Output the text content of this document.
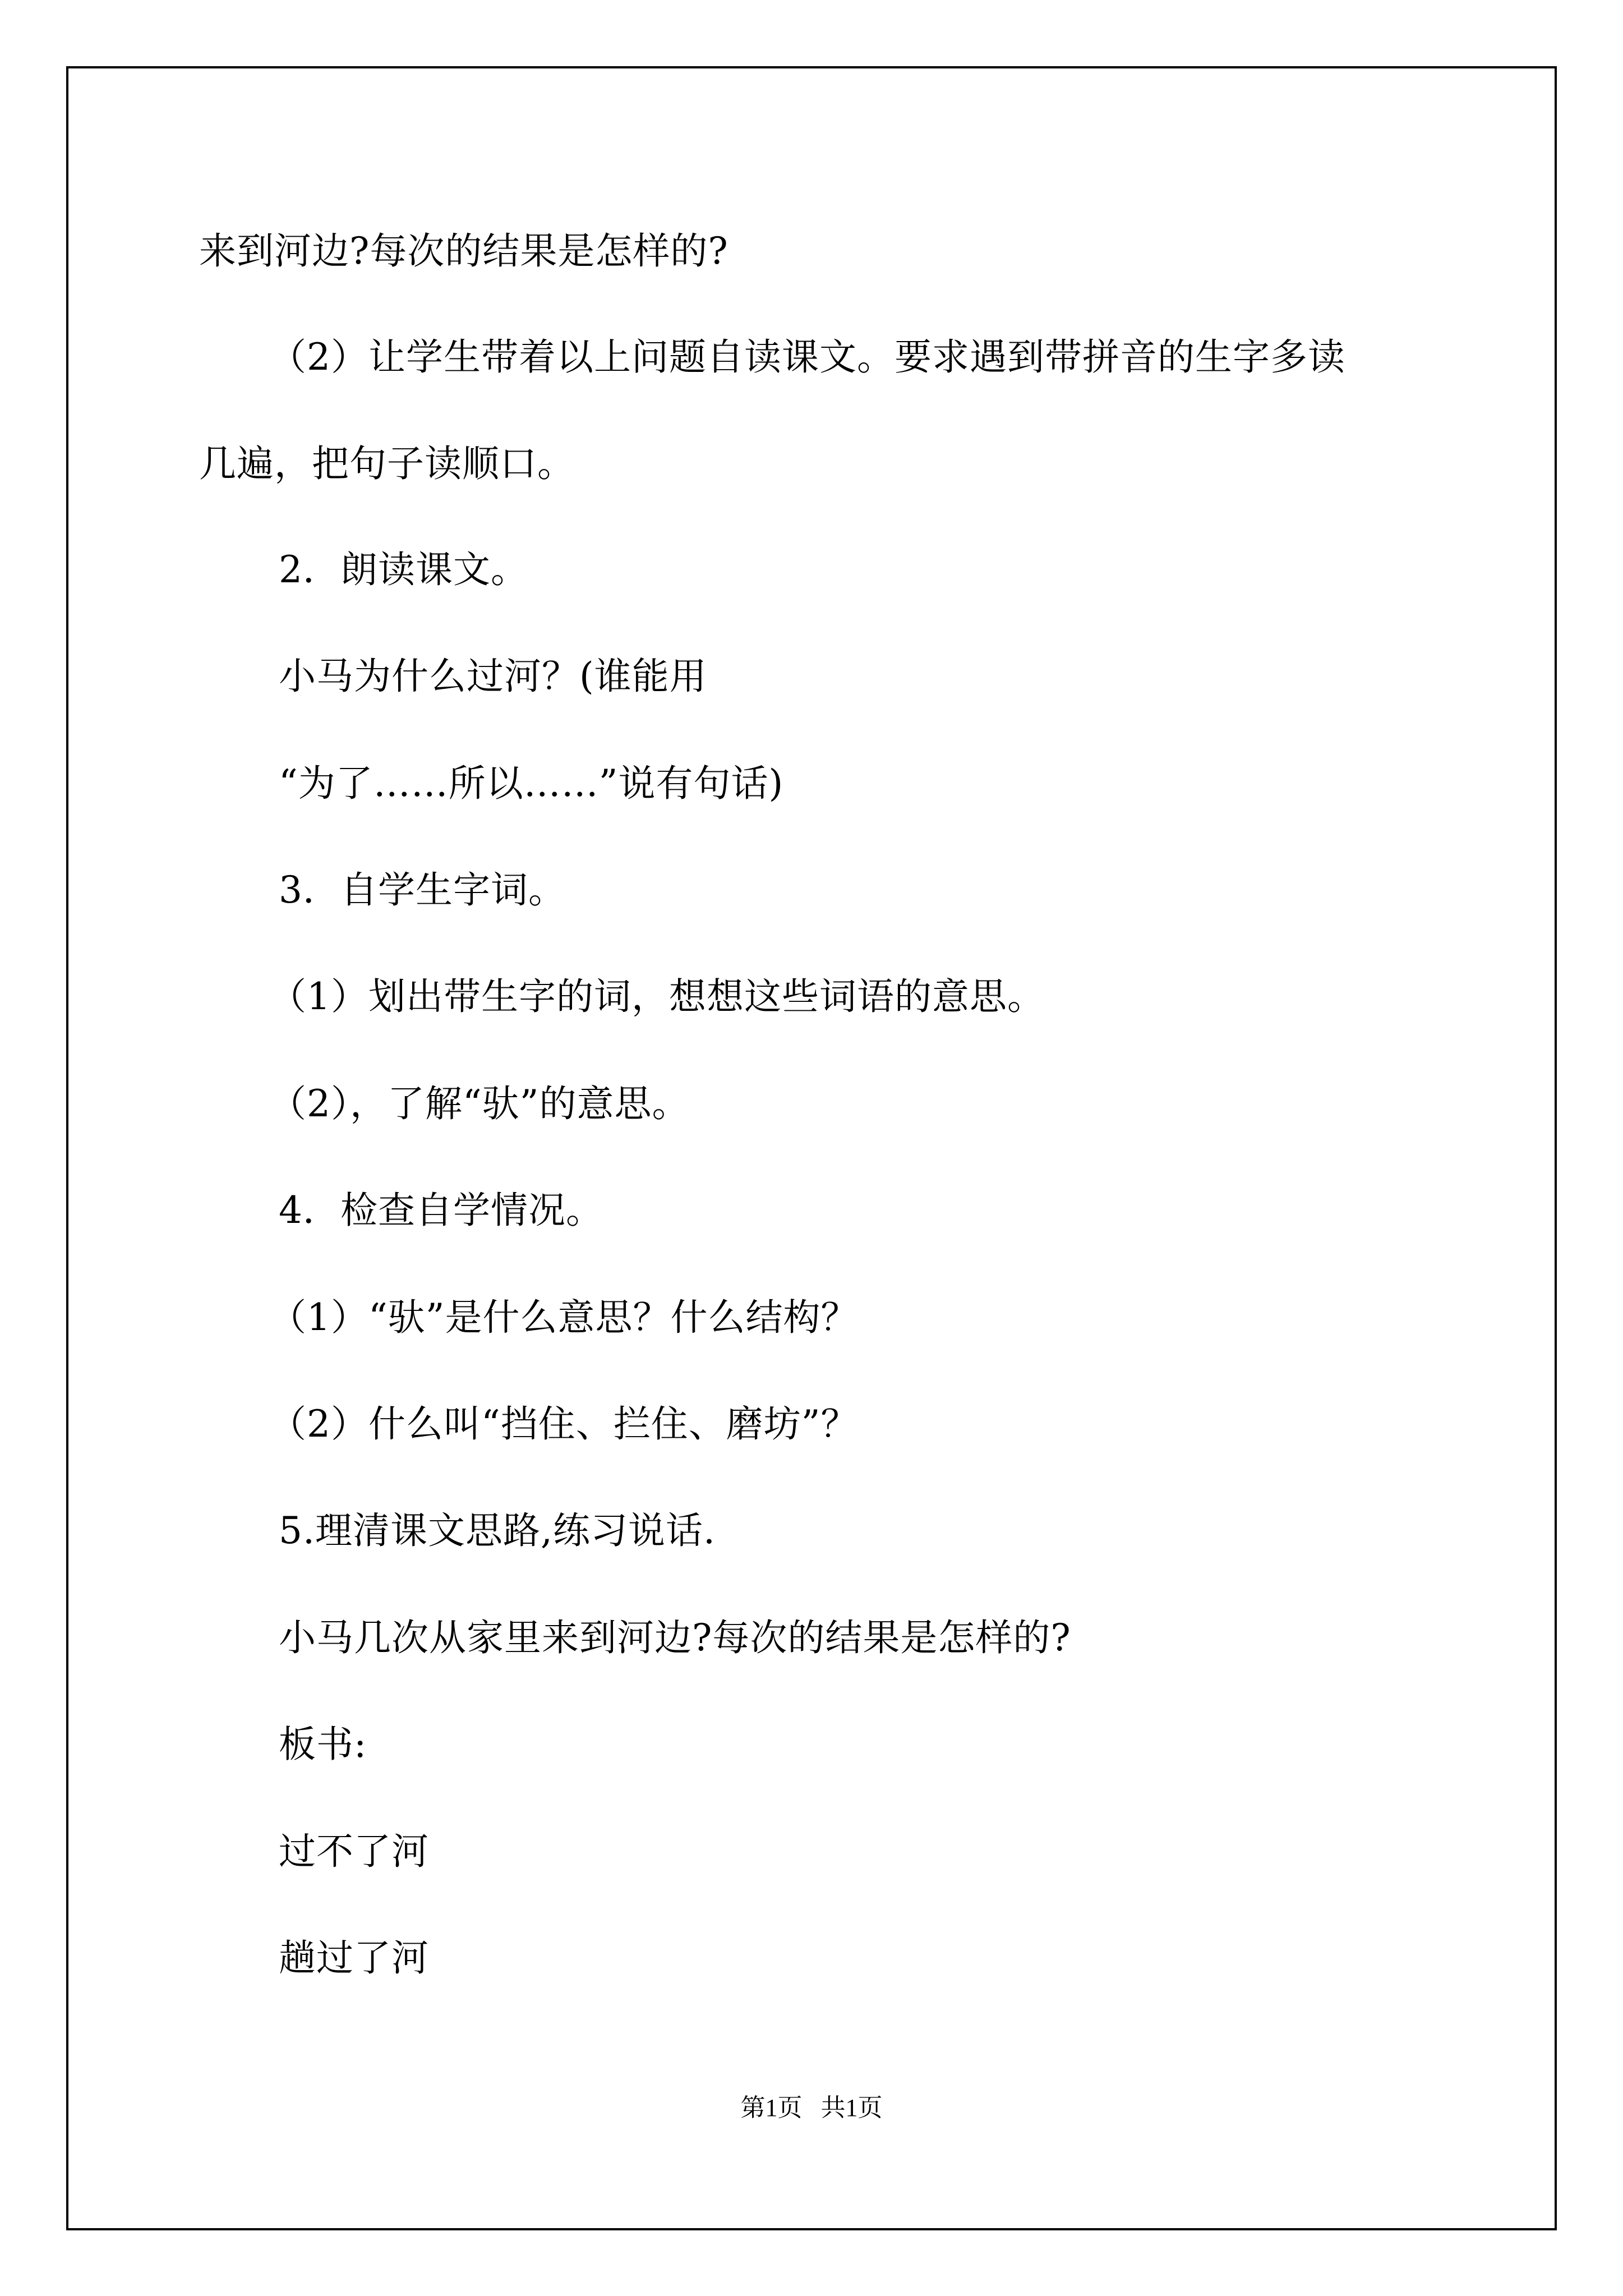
来到河边?每次的结果是怎样的?
（2）让学生带着以上问题自读课文。要求遇到带拼音的生字多读
几遍，把句子读顺口。
2．朗读课文。
小马为什么过河？(谁能用
“为了……所以……”说有句话)
3．自学生字词。
（1）划出带生字的词，想想这些词语的意思。
（2），了解“驮”的意思。
4．检查自学情况。
（1）“驮”是什么意思？什么结构？
（2）什么叫“挡住、拦住、磨坊”？
5.理清课文思路,练习说话.
小马几次从家里来到河边?每次的结果是怎样的?
板书:
过不了河
趟过了河
第1页   共1页
